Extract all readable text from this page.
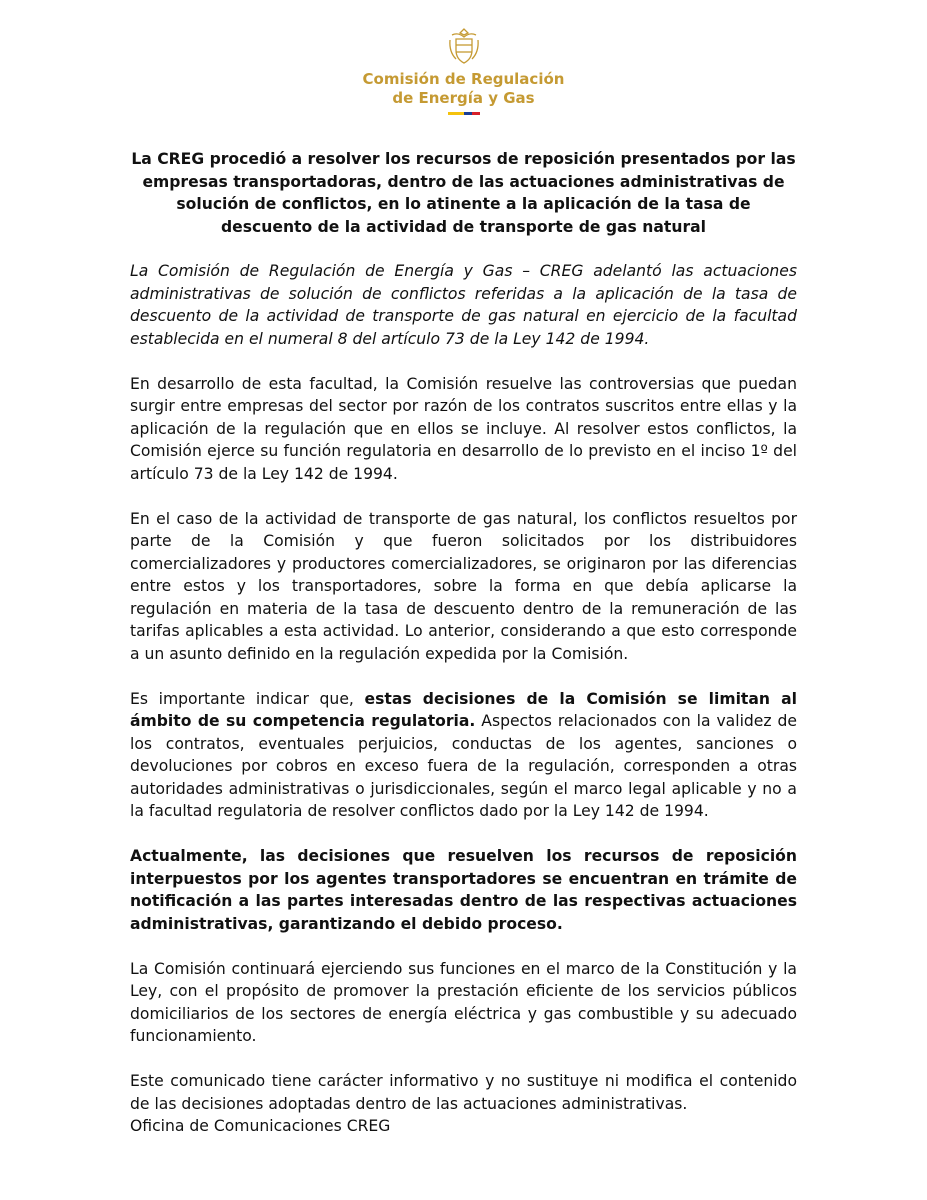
Comisión de Regulación
de Energía y Gas
La CREG procedió a resolver los recursos de reposición presentados por las empresas transportadoras, dentro de las actuaciones administrativas de solución de conflictos, en lo atinente a la aplicación de la tasa de descuento de la actividad de transporte de gas natural

La Comisión de Regulación de Energía y Gas – CREG adelantó las actuaciones administrativas de solución de conflictos referidas a la aplicación de la tasa de descuento de la actividad de transporte de gas natural en ejercicio de la facultad establecida en el numeral 8 del artículo 73 de la Ley 142 de 1994.

En desarrollo de esta facultad, la Comisión resuelve las controversias que puedan surgir entre empresas del sector por razón de los contratos suscritos entre ellas y la aplicación de la regulación que en ellos se incluye. Al resolver estos conflictos, la Comisión ejerce su función regulatoria en desarrollo de lo previsto en el inciso 1º del artículo 73 de la Ley 142 de 1994.

En el caso de la actividad de transporte de gas natural, los conflictos resueltos por parte de la Comisión y que fueron solicitados por los distribuidores comercializadores y productores comercializadores, se originaron por las diferencias entre estos y los transportadores, sobre la forma en que debía aplicarse la regulación en materia de la tasa de descuento dentro de la remuneración de las tarifas aplicables a esta actividad. Lo anterior, considerando a que esto corresponde a un asunto definido en la regulación expedida por la Comisión.

Es importante indicar que, estas decisiones de la Comisión se limitan al ámbito de su competencia regulatoria. Aspectos relacionados con la validez de los contratos, eventuales perjuicios, conductas de los agentes, sanciones o devoluciones por cobros en exceso fuera de la regulación, corresponden a otras autoridades administrativas o jurisdiccionales, según el marco legal aplicable y no a la facultad regulatoria de resolver conflictos dado por la Ley 142 de 1994.

Actualmente, las decisiones que resuelven los recursos de reposición interpuestos por los agentes transportadores se encuentran en trámite de notificación a las partes interesadas dentro de las respectivas actuaciones administrativas, garantizando el debido proceso.

La Comisión continuará ejerciendo sus funciones en el marco de la Constitución y la Ley, con el propósito de promover la prestación eficiente de los servicios públicos domiciliarios de los sectores de energía eléctrica y gas combustible y su adecuado funcionamiento.

Este comunicado tiene carácter informativo y no sustituye ni modifica el contenido de las decisiones adoptadas dentro de las actuaciones administrativas.

Oficina de Comunicaciones CREG
